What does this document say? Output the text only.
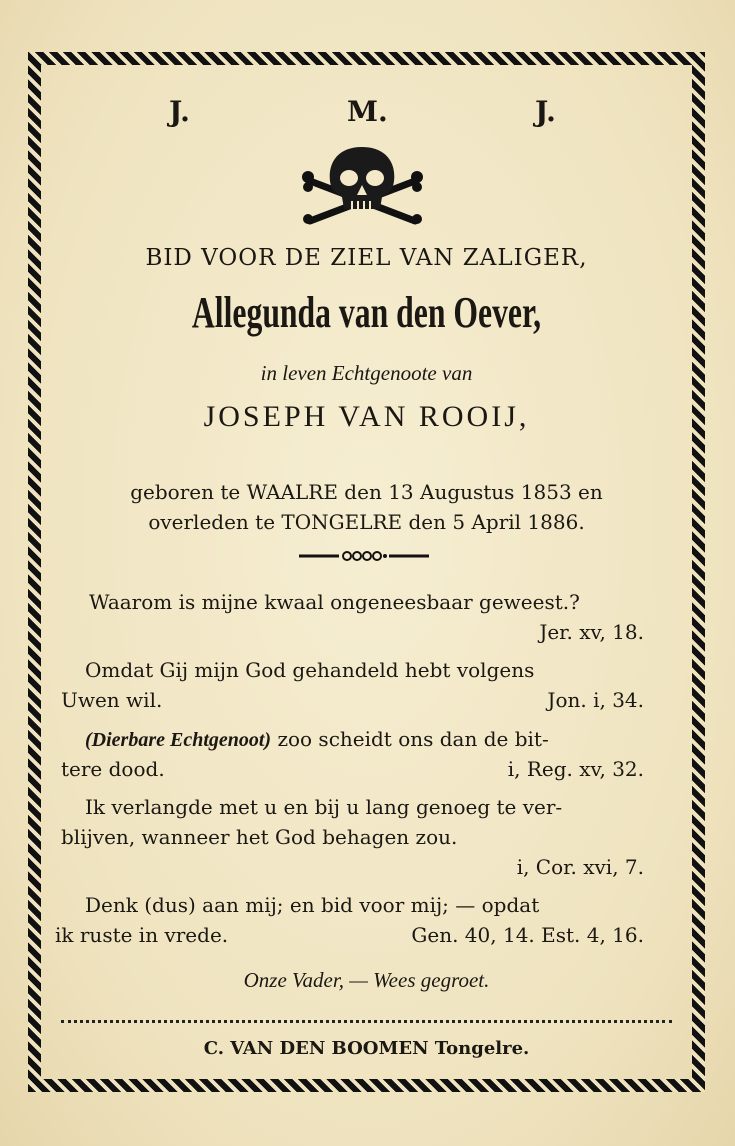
J.	M.	J.
BID VOOR DE ZIEL VAN ZALIGER,
Allegunda van den Oever,
in leven Echtgenoote van
JOSEPH VAN ROOIJ,
geboren te WAALRE den 13 Augustus 1853 en
overleden te TONGELRE den 5 April 1886.
Waarom is mijne kwaal ongeneesbaar geweest.?
Jer. xv, 18.
Omdat Gij mijn God gehandeld hebt volgens
Uwen wil.	Jon. i, 34.
(Dierbare Echtgenoot) zoo scheidt ons dan de bit-
tere dood.	i, Reg. xv, 32.
Ik verlangde met u en bij u lang genoeg te ver-
blijven, wanneer het God behagen zou.
i, Cor. xvi, 7.
Denk (dus) aan mij; en bid voor mij; — opdat
ik ruste in vrede.	Gen. 40, 14. Est. 4, 16.
Onze Vader, — Wees gegroet.
C. VAN DEN BOOMEN Tongelre.
